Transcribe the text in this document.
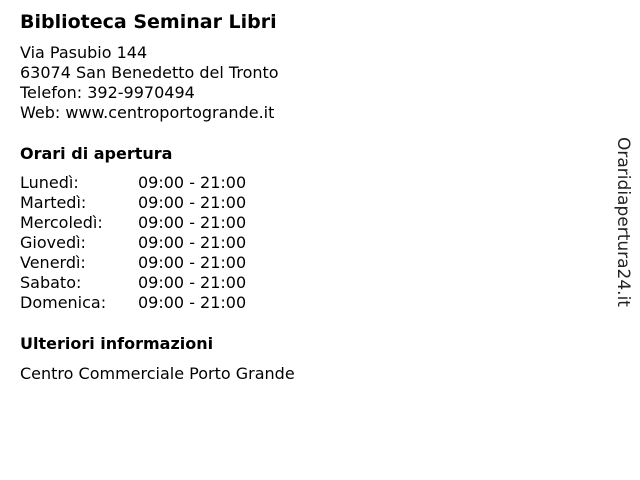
Biblioteca Seminar Libri
Via Pasubio 144
63074 San Benedetto del Tronto
Telefon: 392-9970494
Web: www.centroportogrande.it
Orari di apertura
Lunedì:	09:00 - 21:00
Martedì:	09:00 - 21:00
Mercoledì: 09:00 - 21:00
Giovedì:	09:00 - 21:00
Venerdì:	09:00 - 21:00
Sabato:	09:00 - 21:00
Domenica: 09:00 - 21:00
Ulteriori informazioni
Centro Commerciale Porto Grande
Oraridiapertura24.it
